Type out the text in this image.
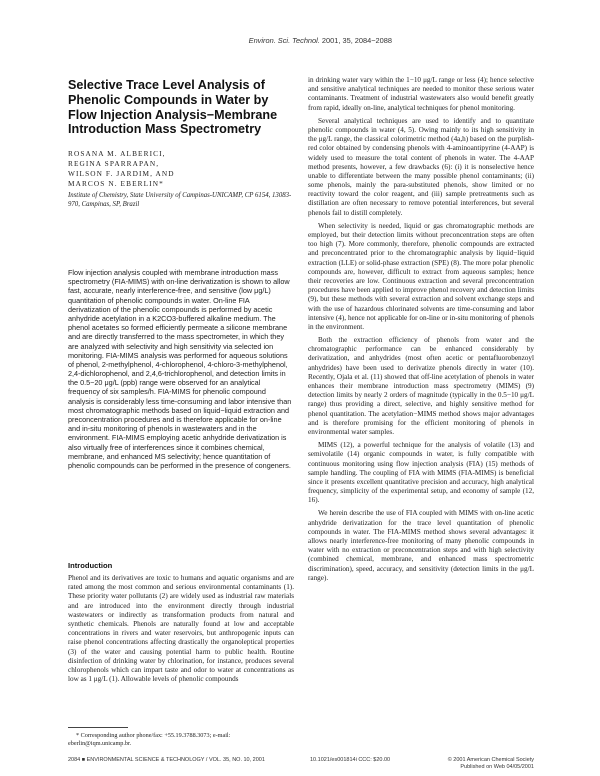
Environ. Sci. Technol. 2001, 35, 2084−2088
Selective Trace Level Analysis of Phenolic Compounds in Water by Flow Injection Analysis−Membrane Introduction Mass Spectrometry

ROSANA M. ALBERICI,

REGINA SPARRAPAN,

WILSON F. JARDIM, AND

MARCOS N. EBERLIN*

Institute of Chemistry, State University of Campinas-UNICAMP, CP 6154, 13083-970, Campinas, SP, Brazil

Flow injection analysis coupled with membrane introduction mass spectrometry (FIA-MIMS) with on-line derivatization is shown to allow fast, accurate, nearly interference-free, and sensitive (low μg/L) quantitation of phenolic compounds in water. On-line FIA derivatization of the phenolic compounds is performed by acetic anhydride acetylation in a K2CO3-buffered alkaline medium. The phenol acetates so formed efficiently permeate a silicone membrane and are directly transferred to the mass spectrometer, in which they are analyzed with selectivity and high sensitivity via selected ion monitoring. FIA-MIMS analysis was performed for aqueous solutions of phenol, 2-methylphenol, 4-chlorophenol, 4-chloro-3-methylphenol, 2,4-dichlorophenol, and 2,4,6-trichlorophenol, and detection limits in the 0.5−20 μg/L (ppb) range were observed for an analytical frequency of six samples/h. FIA-MIMS for phenolic compound analysis is considerably less time-consuming and labor intensive than most chromatographic methods based on liquid−liquid extraction and preconcentration procedures and is therefore applicable for on-line and in-situ monitoring of phenols in wastewaters and in the environment. FIA-MIMS employing acetic anhydride derivatization is also virtually free of interferences since it combines chemical, membrane, and enhanced MS selectivity; hence quantitation of phenolic compounds can be performed in the presence of congeners.
Introduction
Phenol and its derivatives are toxic to humans and aquatic organisms and are rated among the most common and serious environmental contaminants (1). These priority water pollutants (2) are widely used as industrial raw materials and are introduced into the environment directly through industrial wastewaters or indirectly as transformation products from natural and synthetic chemicals. Phenols are naturally found at low and acceptable concentrations in rivers and water reservoirs, but anthropogenic inputs can raise phenol concentrations affecting drastically the organoleptical properties (3) of the water and causing potential harm to public health. Routine disinfection of drinking water by chlorination, for instance, produces several chlorophenols which can impart taste and odor to water at concentrations as low as 1 μg/L (1). Allowable levels of phenolic compounds

in drinking water vary within the 1−10 μg/L range or less (4); hence selective and sensitive analytical techniques are needed to monitor these serious water contaminants. Treatment of industrial wastewaters also would benefit greatly from rapid, ideally on-line, analytical techniques for phenol monitoring.

Several analytical techniques are used to identify and to quantitate phenolic compounds in water (4, 5). Owing mainly to its high sensitivity in the μg/L range, the classical colorimetric method (4a,h) based on the purplish-red color obtained by condensing phenols with 4-aminoantipyrine (4-AAP) is widely used to measure the total content of phenols in water. The 4-AAP method presents, however, a few drawbacks (6): (i) it is nonselective hence unable to differentiate between the many possible phenol contaminants; (ii) some phenols, mainly the para-substituted phenols, show limited or no reactivity toward the color reagent, and (iii) sample pretreatments such as distillation are often necessary to remove potential interferences, but several phenols fail to distill completely.

When selectivity is needed, liquid or gas chromatographic methods are employed, but their detection limits without preconcentration steps are often too high (7). More commonly, therefore, phenolic compounds are extracted and preconcentrated prior to the chromatographic analysis by liquid−liquid extraction (LLE) or solid-phase extraction (SPE) (8). The more polar phenolic compounds are, however, difficult to extract from aqueous samples; hence their recoveries are low. Continuous extraction and several preconcentration procedures have been applied to improve phenol recovery and detection limits (9), but these methods with several extraction and solvent exchange steps and with the use of hazardous chlorinated solvents are time-consuming and labor intensive (4), hence not applicable for on-line or in-situ monitoring of phenols in the environment.

Both the extraction efficiency of phenols from water and the chromatographic performance can be enhanced considerably by derivatization, and anhydrides (most often acetic or pentafluorobenzoyl anhydrides) have been used to derivatize phenols directly in water (10). Recently, Ojala et al. (11) showed that off-line acetylation of phenols in water enhances their membrane introduction mass spectrometry (MIMS) (9) detection limits by nearly 2 orders of magnitude (typically in the 0.5−10 μg/L range) thus providing a direct, selective, and highly sensitive method for phenol quantitation. The acetylation−MIMS method shows major advantages and is therefore promising for the efficient monitoring of phenols in environmental water samples.

MIMS (12), a powerful technique for the analysis of volatile (13) and semivolatile (14) organic compounds in water, is fully compatible with continuous monitoring using flow injection analysis (FIA) (15) methods of sample handling. The coupling of FIA with MIMS (FIA-MIMS) is beneficial since it presents excellent quantitative precision and accuracy, high analytical frequency, simplicity of the experimental setup, and economy of sample (12, 16).

We herein describe the use of FIA coupled with MIMS with on-line acetic anhydride derivatization for the trace level quantitation of phenolic compounds in water. The FIA-MIMS method shows several advantages: it allows nearly interference-free monitoring of many phenolic compounds in water with no extraction or preconcentration steps and with high selectivity (combined chemical, membrane, and enhanced mass spectrometric discrimination), speed, accuracy, and sensitivity (detection limits in the μg/L range).

* Corresponding author phone/fax: +55.19.3788.3073; e-mail: eberlin@iqm.unicamp.br.
2084 ■ ENVIRONMENTAL SCIENCE & TECHNOLOGY / VOL. 35, NO. 10, 2001	10.1021/es001814i CCC: $20.00	© 2001 American Chemical Society
Published on Web 04/05/2001
